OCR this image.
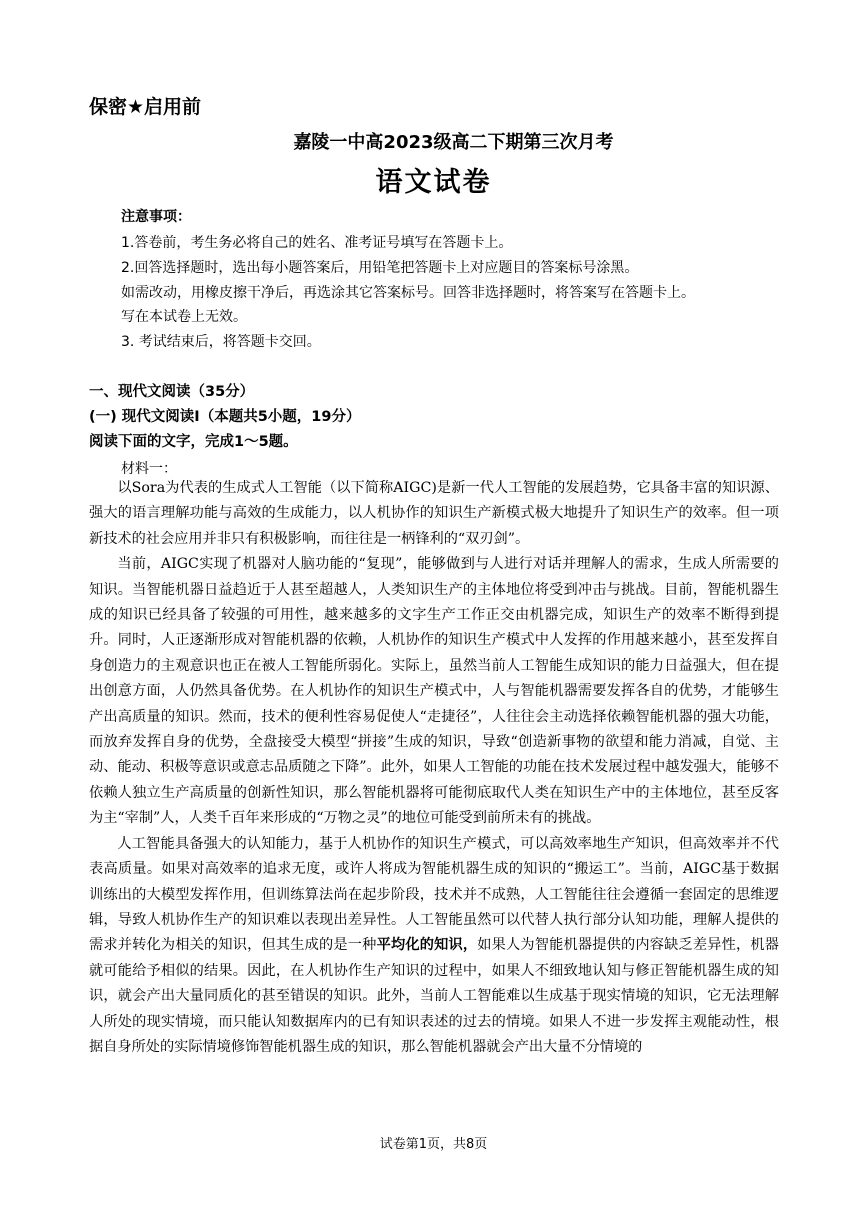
保密★启用前
嘉陵一中高2023级高二下期第三次月考
语文试卷
注意事项：
1.答卷前，考生务必将自己的姓名、准考证号填写在答题卡上。
2.回答选择题时，选出每小题答案后，用铅笔把答题卡上对应题目的答案标号涂黑。
如需改动，用橡皮擦干净后，再选涂其它答案标号。回答非选择题时，将答案写在答题卡上。
写在本试卷上无效。
3. 考试结束后，将答题卡交回。
一、现代文阅读（35分）
(一) 现代文阅读I（本题共5小题，19分）
阅读下面的文字，完成1～5题。
材料一：

以Sora为代表的生成式人工智能（以下简称AIGC)是新一代人工智能的发展趋势，它具备丰富的知识源、强大的语言理解功能与高效的生成能力，以人机协作的知识生产新模式极大地提升了知识生产的效率。但一项新技术的社会应用并非只有积极影响，而往往是一柄锋利的“双刃剑”。

当前，AIGC实现了机器对人脑功能的“复现”，能够做到与人进行对话并理解人的需求，生成人所需要的知识。当智能机器日益趋近于人甚至超越人，人类知识生产的主体地位将受到冲击与挑战。目前，智能机器生成的知识已经具备了较强的可用性，越来越多的文字生产工作正交由机器完成，知识生产的效率不断得到提升。同时，人正逐渐形成对智能机器的依赖，人机协作的知识生产模式中人发挥的作用越来越小，甚至发挥自身创造力的主观意识也正在被人工智能所弱化。实际上，虽然当前人工智能生成知识的能力日益强大，但在提出创意方面，人仍然具备优势。在人机协作的知识生产模式中，人与智能机器需要发挥各自的优势，才能够生产出高质量的知识。然而，技术的便利性容易促使人“走捷径”，人往往会主动选择依赖智能机器的强大功能，而放弃发挥自身的优势，全盘接受大模型“拼接”生成的知识，导致“创造新事物的欲望和能力消减，自觉、主动、能动、积极等意识或意志品质随之下降”。此外，如果人工智能的功能在技术发展过程中越发强大，能够不依赖人独立生产高质量的创新性知识，那么智能机器将可能彻底取代人类在知识生产中的主体地位，甚至反客为主“宰制”人，人类千百年来形成的“万物之灵”的地位可能受到前所未有的挑战。

人工智能具备强大的认知能力，基于人机协作的知识生产模式，可以高效率地生产知识，但高效率并不代表高质量。如果对高效率的追求无度，或许人将成为智能机器生成的知识的“搬运工”。当前，AIGC基于数据训练出的大模型发挥作用，但训练算法尚在起步阶段，技术并不成熟，人工智能往往会遵循一套固定的思维逻辑，导致人机协作生产的知识难以表现出差异性。人工智能虽然可以代替人执行部分认知功能，理解人提供的需求并转化为相关的知识，但其生成的是一种平均化的知识，如果人为智能机器提供的内容缺乏差异性，机器就可能给予相似的结果。因此，在人机协作生产知识的过程中，如果人不细致地认知与修正智能机器生成的知识，就会产出大量同质化的甚至错误的知识。此外，当前人工智能难以生成基于现实情境的知识，它无法理解人所处的现实情境，而只能认知数据库内的已有知识表述的过去的情境。如果人不进一步发挥主观能动性，根据自身所处的实际情境修饰智能机器生成的知识，那么智能机器就会产出大量不分情境的

试卷第1页，共8页
